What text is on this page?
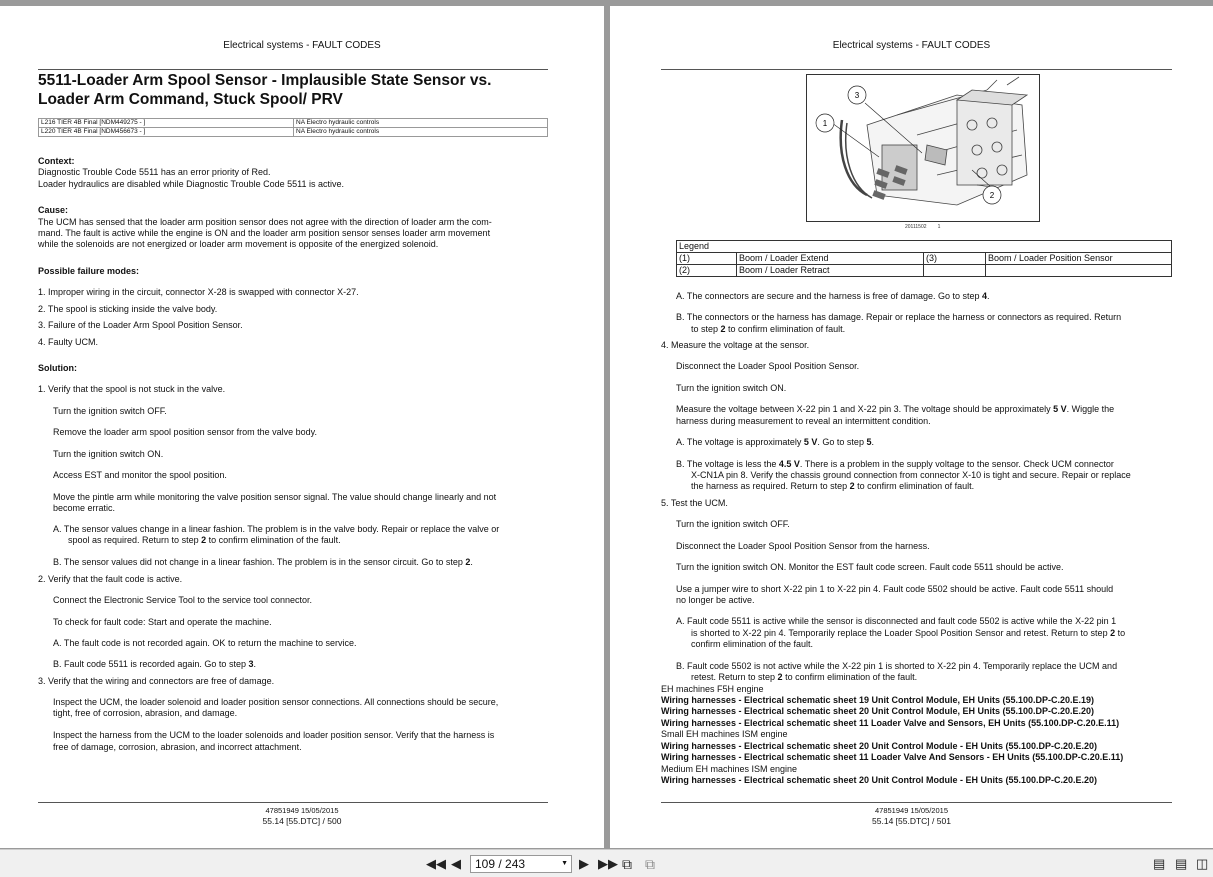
Electrical systems - FAULT CODES
5511-Loader Arm Spool Sensor - Implausible State Sensor vs.
Loader Arm Command, Stuck Spool/ PRV
L216 TIER 4B Final [NDM449275 - ]	NA Electro hydraulic controls
L220 TIER 4B Final [NDM456673 - ]	NA Electro hydraulic controls
Context:
Diagnostic Trouble Code 5511 has an error priority of Red.
Loader hydraulics are disabled while Diagnostic Trouble Code 5511 is active.
Cause:
The UCM has sensed that the loader arm position sensor does not agree with the direction of loader arm the com-
mand. The fault is active while the engine is ON and the loader arm position sensor senses loader arm movement
while the solenoids are not energized or loader arm movement is opposite of the energized solenoid.
Possible failure modes:
1. Improper wiring in the circuit, connector X-28 is swapped with connector X-27.
2. The spool is sticking inside the valve body.
3. Failure of the Loader Arm Spool Position Sensor.
4. Faulty UCM.
Solution:
1. Verify that the spool is not stuck in the valve.
Turn the ignition switch OFF.
Remove the loader arm spool position sensor from the valve body.
Turn the ignition switch ON.
Access EST and monitor the spool position.
Move the pintle arm while monitoring the valve position sensor signal. The value should change linearly and not
become erratic.
A. The sensor values change in a linear fashion. The problem is in the valve body. Repair or replace the valve or
spool as required. Return to step 2 to confirm elimination of the fault.
B. The sensor values did not change in a linear fashion. The problem is in the sensor circuit. Go to step 2.
2. Verify that the fault code is active.
Connect the Electronic Service Tool to the service tool connector.
To check for fault code: Start and operate the machine.
A. The fault code is not recorded again. OK to return the machine to service.
B. Fault code 5511 is recorded again. Go to step 3.
3. Verify that the wiring and connectors are free of damage.
Inspect the UCM, the loader solenoid and loader position sensor connections. All connections should be secure,
tight, free of corrosion, abrasion, and damage.
Inspect the harness from the UCM to the loader solenoids and loader position sensor. Verify that the harness is
free of damage, corrosion, abrasion, and incorrect attachment.
47851949 15/05/2015
55.14 [55.DTC] / 500
Electrical systems - FAULT CODES
1
3
2
20111502 1
Legend			
(1)	Boom / Loader Extend	(3)	Boom / Loader Position Sensor
(2)	Boom / Loader Retract		
A. The connectors are secure and the harness is free of damage. Go to step 4.
B. The connectors or the harness has damage. Repair or replace the harness or connectors as required. Return
to step 2 to confirm elimination of fault.
4. Measure the voltage at the sensor.
Disconnect the Loader Spool Position Sensor.
Turn the ignition switch ON.
Measure the voltage between X-22 pin 1 and X-22 pin 3. The voltage should be approximately 5 V. Wiggle the
harness during measurement to reveal an intermittent condition.
A. The voltage is approximately 5 V. Go to step 5.
B. The voltage is less the 4.5 V. There is a problem in the supply voltage to the sensor. Check UCM connector
X-CN1A pin 8. Verify the chassis ground connection from connector X-10 is tight and secure. Repair or replace
the harness as required. Return to step 2 to confirm elimination of fault.
5. Test the UCM.
Turn the ignition switch OFF.
Disconnect the Loader Spool Position Sensor from the harness.
Turn the ignition switch ON. Monitor the EST fault code screen. Fault code 5511 should be active.
Use a jumper wire to short X-22 pin 1 to X-22 pin 4. Fault code 5502 should be active. Fault code 5511 should
no longer be active.
A. Fault code 5511 is active while the sensor is disconnected and fault code 5502 is active while the X-22 pin 1
is shorted to X-22 pin 4. Temporarily replace the Loader Spool Position Sensor and retest. Return to step 2 to
confirm elimination of the fault.
B. Fault code 5502 is not active while the X-22 pin 1 is shorted to X-22 pin 4. Temporarily replace the UCM and
retest. Return to step 2 to confirm elimination of the fault.
EH machines F5H engine
Wiring harnesses - Electrical schematic sheet 19 Unit Control Module, EH Units (55.100.DP-C.20.E.19)
Wiring harnesses - Electrical schematic sheet 20 Unit Control Module, EH Units (55.100.DP-C.20.E.20)
Wiring harnesses - Electrical schematic sheet 11 Loader Valve and Sensors, EH Units (55.100.DP-C.20.E.11)
Small EH machines ISM engine
Wiring harnesses - Electrical schematic sheet 20 Unit Control Module - EH Units (55.100.DP-C.20.E.20)
Wiring harnesses - Electrical schematic sheet 11 Loader Valve And Sensors - EH Units (55.100.DP-C.20.E.11)
Medium EH machines ISM engine
Wiring harnesses - Electrical schematic sheet 20 Unit Control Module - EH Units (55.100.DP-C.20.E.20)
47851949 15/05/2015
55.14 [55.DTC] / 501
◀◀ ◀	109 / 243	▼ ▶ ▶▶ ⧉ ⧉	▤ ▤ ◫
